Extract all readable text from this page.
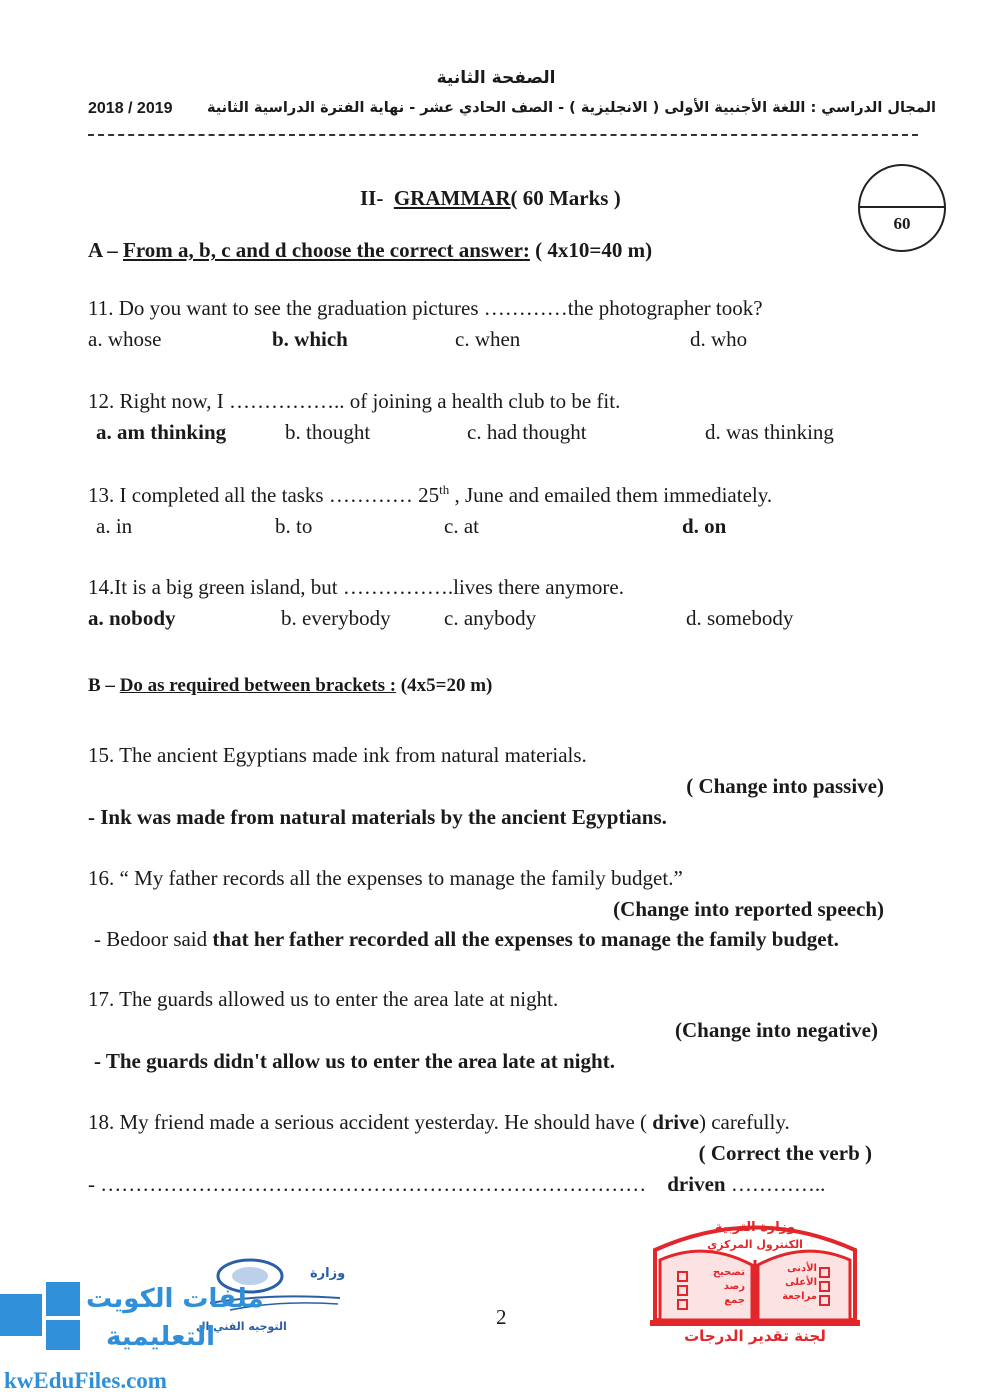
الصفحة الثانية
المجال الدراسي : اللغة الأجنبية الأولى ( الانجليزية ) - الصف الحادي عشر - نهاية الفترة الدراسية الثانية
2018 / 2019
II- GRAMMAR( 60 Marks )
60
A – From a, b, c and d choose the correct answer: ( 4x10=40 m)
11. Do you want to see the graduation pictures …………the photographer took?
a. whose	b. which	c. when	d. who
12. Right now, I …………….. of joining a health club to be fit.
a. am thinking	b. thought	c. had thought	d. was thinking
13. I completed all the tasks ………… 25th , June and emailed them immediately.
a. in	b. to	c. at	d. on
14.It is a big green island, but …………….lives there anymore.
a. nobody	b. everybody	c. anybody	d. somebody
B – Do as required between brackets : (4x5=20 m)
15. The ancient Egyptians made ink from natural materials.
( Change into passive)
- Ink was made from natural materials by the ancient Egyptians.
16. “ My father records all the expenses to manage the family budget.”
(Change into reported speech)
- Bedoor said that her father recorded all the expenses to manage the family budget.
17. The guards allowed us to enter the area late at night.
(Change into negative)
- The guards didn't allow us to enter the area late at night.
18. My friend made a serious accident yesterday. He should have ( drive) carefully.
( Correct the verb )
- …………………………………………………………………… driven …………..
2
وزارة التربية
الكنترول المركزي
الأدنى
الأعلى
مراجعة
تصحيح
رصد
جمع
لجنة تقدير الدرجات
وزارة
التوجيه الفني ال
ملفات الكويت
التعليمية
kwEduFiles.com
